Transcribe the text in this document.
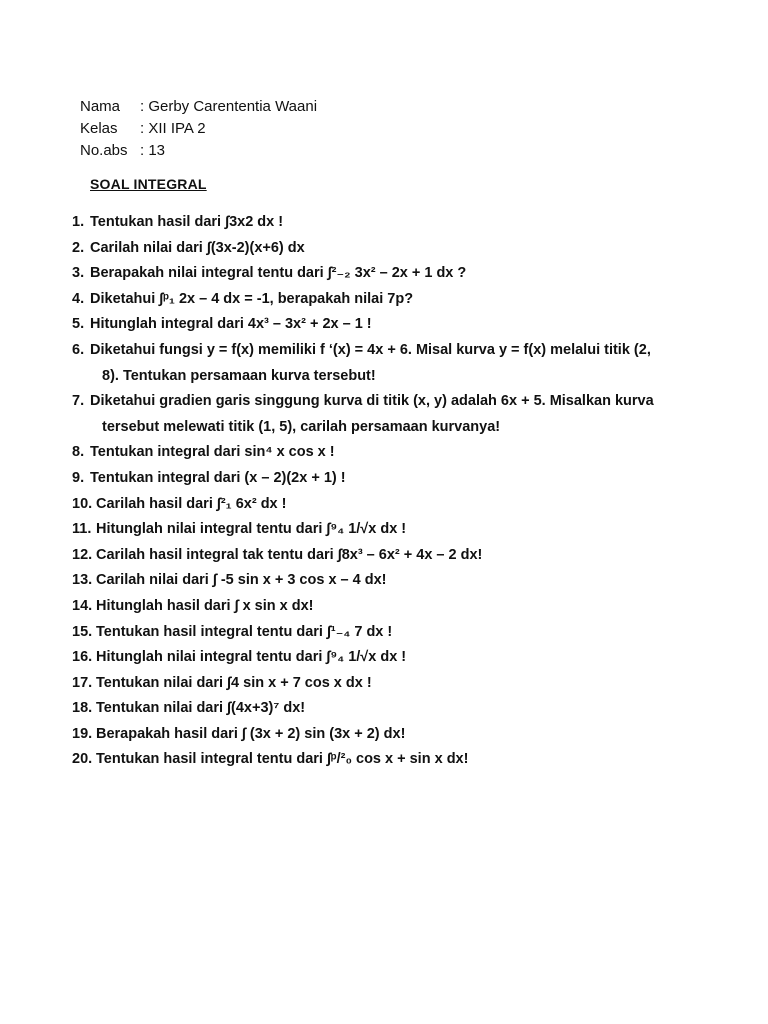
Nama	: Gerby Carententia Waani
Kelas	: XII IPA 2
No.abs : 13
SOAL INTEGRAL
1. Tentukan hasil dari ∫3x2 dx !
2. Carilah nilai dari ∫(3x-2)(x+6) dx
3. Berapakah nilai integral tentu dari ∫²₋₂ 3x² – 2x + 1 dx ?
4. Diketahui ∫ᵖ₁ 2x – 4 dx = -1, berapakah nilai 7p?
5. Hitunglah integral dari 4x³ – 3x² + 2x – 1 !
6. Diketahui fungsi y = f(x) memiliki f ‘(x) = 4x + 6. Misal kurva y = f(x) melalui titik (2,
8). Tentukan persamaan kurva tersebut!
7. Diketahui gradien garis singgung kurva di titik (x, y) adalah 6x + 5. Misalkan kurva
tersebut melewati titik (1, 5), carilah persamaan kurvanya!
8. Tentukan integral dari sin⁴ x cos x !
9. Tentukan integral dari (x – 2)(2x + 1) !
10. Carilah hasil dari ∫²₁ 6x² dx !
11. Hitunglah nilai integral tentu dari ∫⁹₄ 1/√x dx !
12. Carilah hasil integral tak tentu dari ∫8x³ – 6x² + 4x – 2 dx!
13. Carilah nilai dari ∫ -5 sin x + 3 cos x – 4 dx!
14. Hitunglah hasil dari ∫ x sin x dx!
15. Tentukan hasil integral tentu dari ∫¹₋₄ 7 dx !
16. Hitunglah nilai integral tentu dari ∫⁹₄ 1/√x dx !
17. Tentukan nilai dari ∫4 sin x + 7 cos x dx !
18. Tentukan nilai dari ∫(4x+3)⁷ dx!
19. Berapakah hasil dari ∫ (3x + 2) sin (3x + 2) dx!
20. Tentukan hasil integral tentu dari ∫ᵖ/²₀ cos x + sin x dx!
